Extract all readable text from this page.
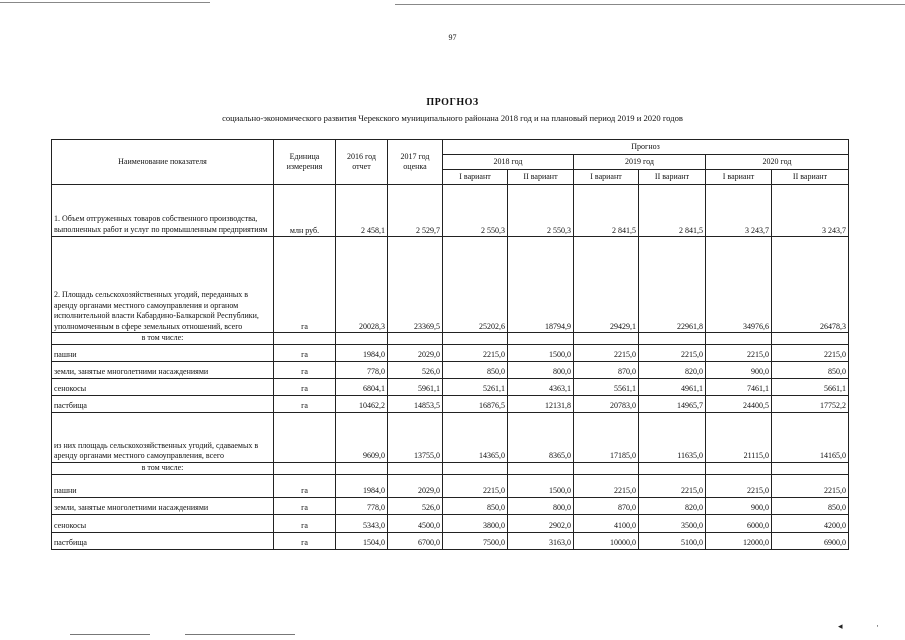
97
ПРОГНОЗ
социально-экономического развития Черекского муниципального районана 2018 год и на плановый период 2019 и 2020 годов
Наименование показателя	Единица измерения	2016 год отчет	2017 год оценка	Прогноз					
				2018 год		2019 год		2020 год	
				I вариант	II вариант	I вариант	II вариант	I вариант	II вариант
1. Объем отгруженных товаров собственного производства, выполненных работ и услуг по промышленным предприятиям	млн руб.	2 458,1	2 529,7	2 550,3	2 550,3	2 841,5	2 841,5	3 243,7	3 243,7
2. Площадь сельскохозяйственных угодий, переданных в аренду органами местного самоуправления и органом исполнительной власти Кабардино-Балкарской Республики, уполномоченным в сфере земельных отношений, всего	га	20028,3	23369,5	25202,6	18794,9	29429,1	22961,8	34976,6	26478,3
в том числе:									
пашни	га	1984,0	2029,0	2215,0	1500,0	2215,0	2215,0	2215,0	2215,0
земли, занятые многолетними насаждениями	га	778,0	526,0	850,0	800,0	870,0	820,0	900,0	850,0
сенокосы	га	6804,1	5961,1	5261,1	4363,1	5561,1	4961,1	7461,1	5661,1
пастбища	га	10462,2	14853,5	16876,5	12131,8	20783,0	14965,7	24400,5	17752,2
из них площадь сельскохозяйственных угодий, сдаваемых в аренду органами местного самоуправления, всего		9609,0	13755,0	14365,0	8365,0	17185,0	11635,0	21115,0	14165,0
в том числе:									
пашни	га	1984,0	2029,0	2215,0	1500,0	2215,0	2215,0	2215,0	2215,0
земли, занятые многолетними насаждениями	га	778,0	526,0	850,0	800,0	870,0	820,0	900,0	850,0
сенокосы	га	5343,0	4500,0	3800,0	2902,0	4100,0	3500,0	6000,0	4200,0
пастбища	га	1504,0	6700,0	7500,0	3163,0	10000,0	5100,0	12000,0	6900,0
◂	·
